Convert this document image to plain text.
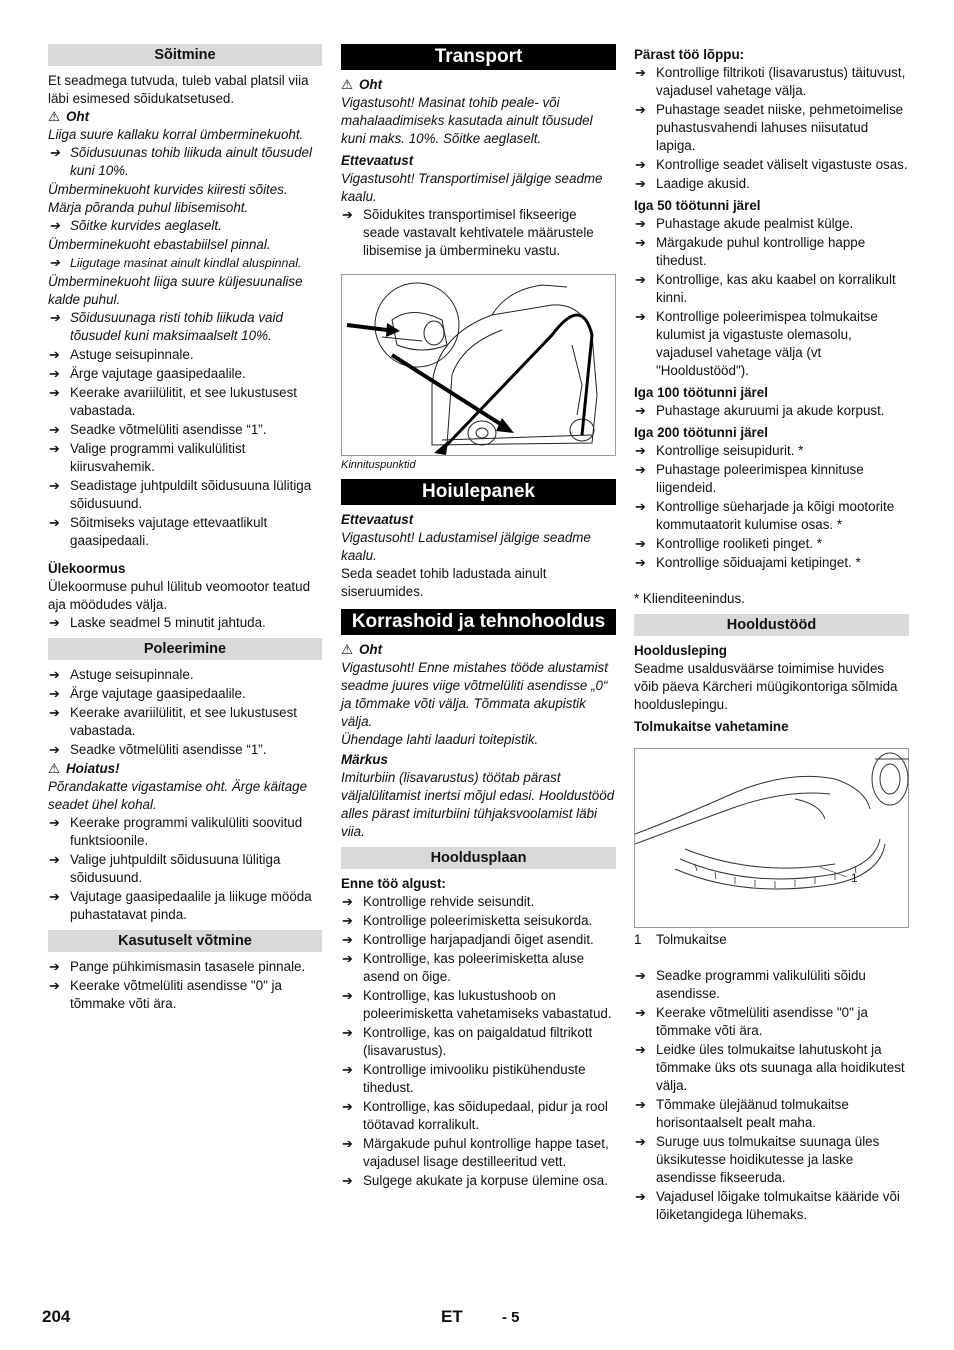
Sõitmine

Et seadmega tutvuda, tuleb vabal platsil viia läbi esimesed sõidukatsetused.

⚠ Oht

Liiga suure kallaku korral ümberminekuoht.

➔ Sõidusuunas tohib liikuda ainult tõusudel kuni 10%.

Ümberminekuoht kurvides kiiresti sõites. Märja põranda puhul libisemisoht.

➔ Sõitke kurvides aeglaselt.

Ümberminekuoht ebastabiilsel pinnal.

➔ Liigutage masinat ainult kindlal aluspinnal.

Ümberminekuoht liiga suure küljesuunalise kalde puhul.

➔ Sõidusuunaga risti tohib liikuda vaid tõusudel kuni maksimaalselt 10%.
➔ Astuge seisupinnale.
➔ Ärge vajutage gaasipedaalile.
➔ Keerake avariilülitit, et see lukustusest vabastada.
➔ Seadke võtmelüliti asendisse “1”.
➔ Valige programmi valikulülitist kiirusvahemik.
➔ Seadistage juhtpuldilt sõidusuuna lülitiga sõidusuund.
➔ Sõitmiseks vajutage ettevaatlikult gaasipedaali.

Ülekoormus

Ülekoormuse puhul lülitub veomootor teatud aja möödudes välja.

➔ Laske seadmel 5 minutit jahtuda.
Poleerimine
➔ Astuge seisupinnale.
➔ Ärge vajutage gaasipedaalile.
➔ Keerake avariilülitit, et see lukustusest vabastada.
➔ Seadke võtmelüliti asendisse “1”.

⚠ Hoiatus!

Põrandakatte vigastamise oht. Ärge käitage seadet ühel kohal.

➔ Keerake programmi valikulüliti soovitud funktsioonile.
➔ Valige juhtpuldilt sõidusuuna lülitiga sõidusuund.
➔ Vajutage gaasipedaalile ja liikuge mööda puhastatavat pinda.
Kasutuselt võtmine
➔ Pange pühkimismasin tasasele pinnale.
➔ Keerake võtmelüliti asendisse "0" ja tõmmake võti ära.
Transport

⚠ Oht

Vigastusoht! Masinat tohib peale- või mahalaadimiseks kasutada ainult tõusudel kuni maks. 10%. Sõitke aeglaselt.

Ettevaatust

Vigastusoht! Transportimisel jälgige seadme kaalu.

➔ Sõidukites transportimisel fikseerige seade vastavalt kehtivatele määrustele libisemise ja ümbermineku vastu.

Kinnituspunktid

Hoiulepanek

Ettevaatust

Vigastusoht! Ladustamisel jälgige seadme kaalu.

Seda seadet tohib ladustada ainult siseruumides.

Korrashoid ja tehnohooldus

⚠ Oht

Vigastusoht! Enne mistahes tööde alustamist seadme juures viige võtmelüliti asendisse „0“ ja tõmmake võti välja. Tõmmata akupistik välja.

Ühendage lahti laaduri toitepistik.

Märkus

Imiturbiin (lisavarustus) töötab pärast väljalülitamist inertsi mõjul edasi. Hooldustööd alles pärast imiturbiini tühjaksvoolamist läbi viia.

Hooldusplaan

Enne töö algust:

➔ Kontrollige rehvide seisundit.
➔ Kontrollige poleerimisketta seisukorda.
➔ Kontrollige harjapadjandi õiget asendit.
➔ Kontrollige, kas poleerimisketta aluse asend on õige.
➔ Kontrollige, kas lukustushoob on poleerimisketta vahetamiseks vabastatud.
➔ Kontrollige, kas on paigaldatud filtrikott (lisavarustus).
➔ Kontrollige imivooliku pistikühenduste tihedust.
➔ Kontrollige, kas sõidupedaal, pidur ja rool töötavad korralikult.
➔ Märgakude puhul kontrollige happe taset, vajadusel lisage destilleeritud vett.
➔ Sulgege akukate ja korpuse ülemine osa.

Pärast töö lõppu:

➔ Kontrollige filtrikoti (lisavarustus) täituvust, vajadusel vahetage välja.
➔ Puhastage seadet niiske, pehmetoimelise puhastusvahendi lahuses niisutatud lapiga.
➔ Kontrollige seadet väliselt vigastuste osas.
➔ Laadige akusid.

Iga 50 töötunni järel

➔ Puhastage akude pealmist külge.
➔ Märgakude puhul kontrollige happe tihedust.
➔ Kontrollige, kas aku kaabel on korralikult kinni.
➔ Kontrollige poleerimispea tolmukaitse kulumist ja vigastuste olemasolu, vajadusel vahetage välja (vt "Hooldustööd").

Iga 100 töötunni järel

➔ Puhastage akuruumi ja akude korpust.

Iga 200 töötunni järel

➔ Kontrollige seisupidurit. *
➔ Puhastage poleerimispea kinnituse liigendeid.
➔ Kontrollige süeharjade ja kõigi mootorite kommutaatorit kulumise osas. *
➔ Kontrollige rooliketi pinget. *
➔ Kontrollige sõiduajami ketipinget. *

* Klienditeenindus.

Hooldustööd

Hooldusleping

Seadme usaldusväärse toimimise huvides võib päeva Kärcheri müügikontoriga sõlmida hoolduslepingu.

Tolmukaitse vahetamine

1
1 Tolmukaitse
➔ Seadke programmi valikulüliti sõidu asendisse.
➔ Keerake võtmelüliti asendisse "0" ja tõmmake võti ära.
➔ Leidke üles tolmukaitse lahutuskoht ja tõmmake üks ots suunaga alla hoidikutest välja.
➔ Tõmmake ülejäänud tolmukaitse horisontaalselt pealt maha.
➔ Suruge uus tolmukaitse suunaga üles üksikutesse hoidikutesse ja laske asendisse fikseeruda.
➔ Vajadusel lõigake tolmukaitse kääride või lõiketangidega lühemaks.
204	ET	- 5
